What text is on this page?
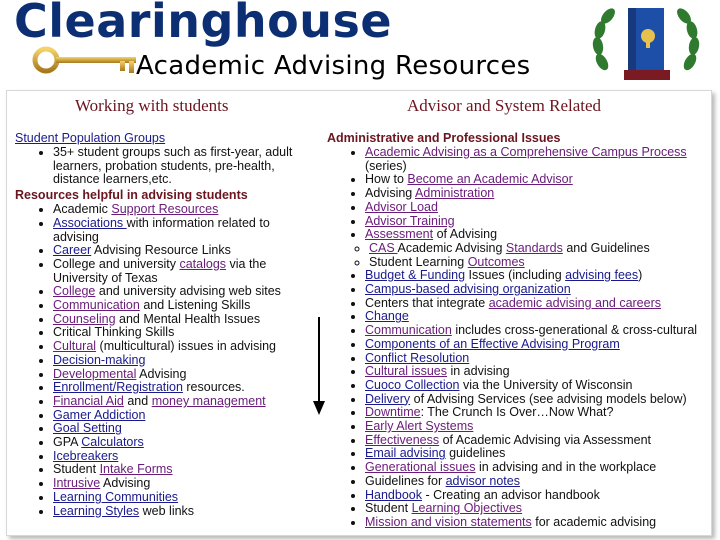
Clearinghouse
Academic Advising Resources
Working with students	Advisor and System Related
Student Population Groups
• 35+ student groups such as first-year, adult learners, probation students, pre-health, distance learners,etc.
Resources helpful in advising students
• Academic Support Resources
• Associations with information related to advising
• Career Advising Resource Links
• College and university catalogs via the University of Texas
• College and university advising web sites
• Communication and Listening Skills
• Counseling and Mental Health Issues
• Critical Thinking Skills
• Cultural (multicultural) issues in advising
• Decision-making
• Developmental Advising
• Enrollment/Registration resources.
• Financial Aid and money management
• Gamer Addiction
• Goal Setting
• GPA Calculators
• Icebreakers
• Student Intake Forms
• Intrusive Advising
• Learning Communities
• Learning Styles web links
Administrative and Professional Issues
• Academic Advising as a Comprehensive Campus Process (series)
• How to Become an Academic Advisor
• Advising Administration
• Advisor Load
• Advisor Training
• Assessment of Advising
◦ CAS Academic Advising Standards and Guidelines
◦ Student Learning Outcomes
• Budget & Funding Issues (including advising fees)
• Campus-based advising organization
• Centers that integrate academic advising and careers
• Change
• Communication includes cross-generational & cross-cultural
• Components of an Effective Advising Program
• Conflict Resolution
• Cultural issues in advising
• Cuoco Collection via the University of Wisconsin
• Delivery of Advising Services (see advising models below)
• Downtime: The Crunch Is Over…Now What?
• Early Alert Systems
• Effectiveness of Academic Advising via Assessment
• Email advising guidelines
• Generational issues in advising and in the workplace
• Guidelines for advisor notes
• Handbook - Creating an advisor handbook
• Student Learning Objectives
• Mission and vision statements for academic advising
